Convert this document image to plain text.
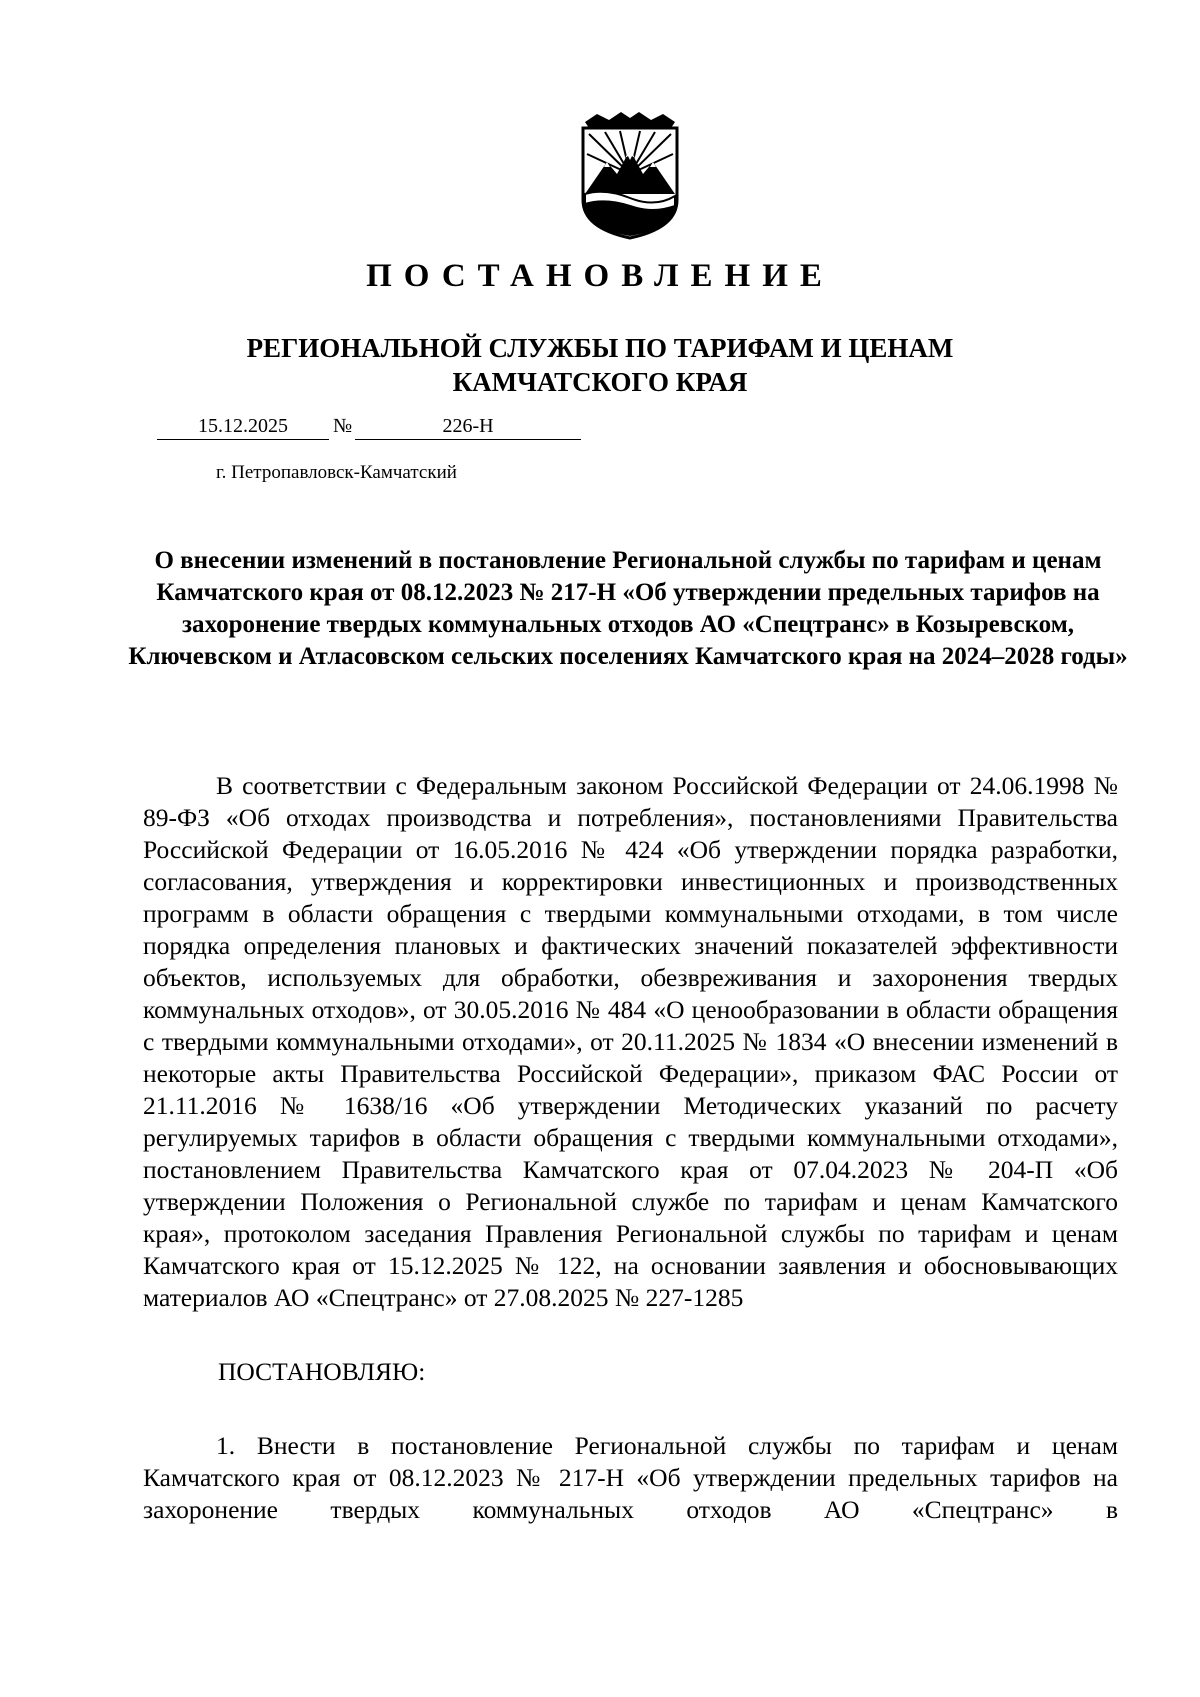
ПОСТАНОВЛЕНИЕ
РЕГИОНАЛЬНОЙ СЛУЖБЫ ПО ТАРИФАМ И ЦЕНАМ
КАМЧАТСКОГО КРАЯ
15.12.2025	№	226-Н
г. Петропавловск-Камчатский
О внесении изменений в постановление Региональной службы по тарифам и ценам Камчатского края от 08.12.2023 № 217-Н «Об утверждении предельных тарифов на захоронение твердых коммунальных отходов АО «Спецтранс» в Козыревском, Ключевском и Атласовском сельских поселениях Камчатского края на 2024–2028 годы»

В соответствии с Федеральным законом Российской Федерации от 24.06.1998 № 89-ФЗ «Об отходах производства и потребления», постановлениями Правительства Российской Федерации от 16.05.2016 № 424 «Об утверждении порядка разработки, согласования, утверждения и корректировки инвестиционных и производственных программ в области обращения с твердыми коммунальными отходами, в том числе порядка определения плановых и фактических значений показателей эффективности объектов, используемых для обработки, обезвреживания и захоронения твердых коммунальных отходов», от 30.05.2016 № 484 «О ценообразовании в области обращения с твердыми коммунальными отходами», от 20.11.2025 № 1834 «О внесении изменений в некоторые акты Правительства Российской Федерации», приказом ФАС России от 21.11.2016 № 1638/16 «Об утверждении Методических указаний по расчету регулируемых тарифов в области обращения с твердыми коммунальными отходами», постановлением Правительства Камчатского края от 07.04.2023 № 204-П «Об утверждении Положения о Региональной службе по тарифам и ценам Камчатского края», протоколом заседания Правления Региональной службы по тарифам и ценам Камчатского края от 15.12.2025 № 122, на основании заявления и обосновывающих материалов АО «Спецтранс» от 27.08.2025 № 227-1285

ПОСТАНОВЛЯЮ:

1. Внести в постановление Региональной службы по тарифам и ценам Камчатского края от 08.12.2023 № 217-Н «Об утверждении предельных тарифов на захоронение твердых коммунальных отходов АО «Спецтранс» в
